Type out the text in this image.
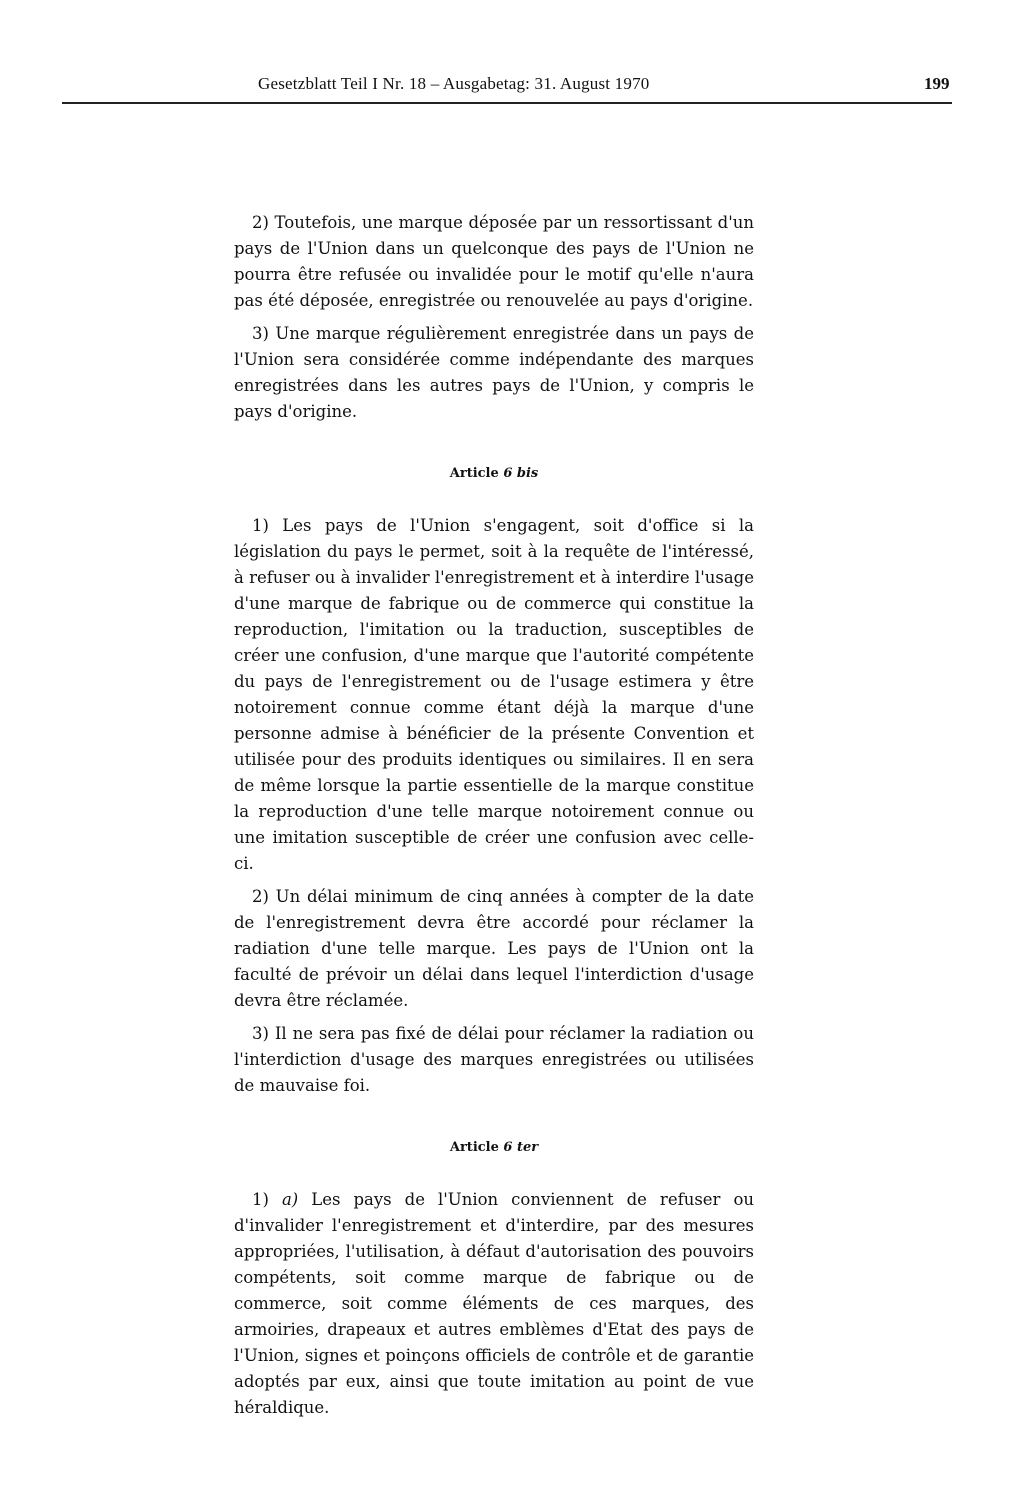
Gesetzblatt Teil I Nr. 18 – Ausgabetag: 31. August 1970	199

2) Toutefois, une marque déposée par un ressortissant d'un pays de l'Union dans un quelconque des pays de l'Union ne pourra être refusée ou invalidée pour le motif qu'elle n'aura pas été déposée, enregistrée ou renouvelée au pays d'origine.

3) Une marque régulièrement enregistrée dans un pays de l'Union sera considérée comme indépendante des marques enregistrées dans les autres pays de l'Union, y compris le pays d'origine.

Article 6 bis

1) Les pays de l'Union s'engagent, soit d'office si la législation du pays le permet, soit à la requête de l'intéressé, à refuser ou à invalider l'enregistrement et à interdire l'usage d'une marque de fabrique ou de commerce qui constitue la reproduction, l'imitation ou la traduction, susceptibles de créer une confusion, d'une marque que l'autorité compétente du pays de l'enregistrement ou de l'usage estimera y être notoirement connue comme étant déjà la marque d'une personne admise à bénéficier de la présente Convention et utilisée pour des produits identiques ou similaires. Il en sera de même lorsque la partie essentielle de la marque constitue la reproduction d'une telle marque notoirement connue ou une imitation susceptible de créer une confusion avec celle-ci.

2) Un délai minimum de cinq années à compter de la date de l'enregistrement devra être accordé pour réclamer la radiation d'une telle marque. Les pays de l'Union ont la faculté de prévoir un délai dans lequel l'interdiction d'usage devra être réclamée.

3) Il ne sera pas fixé de délai pour réclamer la radiation ou l'interdiction d'usage des marques enregistrées ou utilisées de mauvaise foi.

Article 6 ter

1) a) Les pays de l'Union conviennent de refuser ou d'invalider l'enregistrement et d'interdire, par des mesures appropriées, l'utilisation, à défaut d'autorisation des pouvoirs compétents, soit comme marque de fabrique ou de commerce, soit comme éléments de ces marques, des armoiries, drapeaux et autres emblèmes d'Etat des pays de l'Union, signes et poinçons officiels de contrôle et de garantie adoptés par eux, ainsi que toute imitation au point de vue héraldique.
